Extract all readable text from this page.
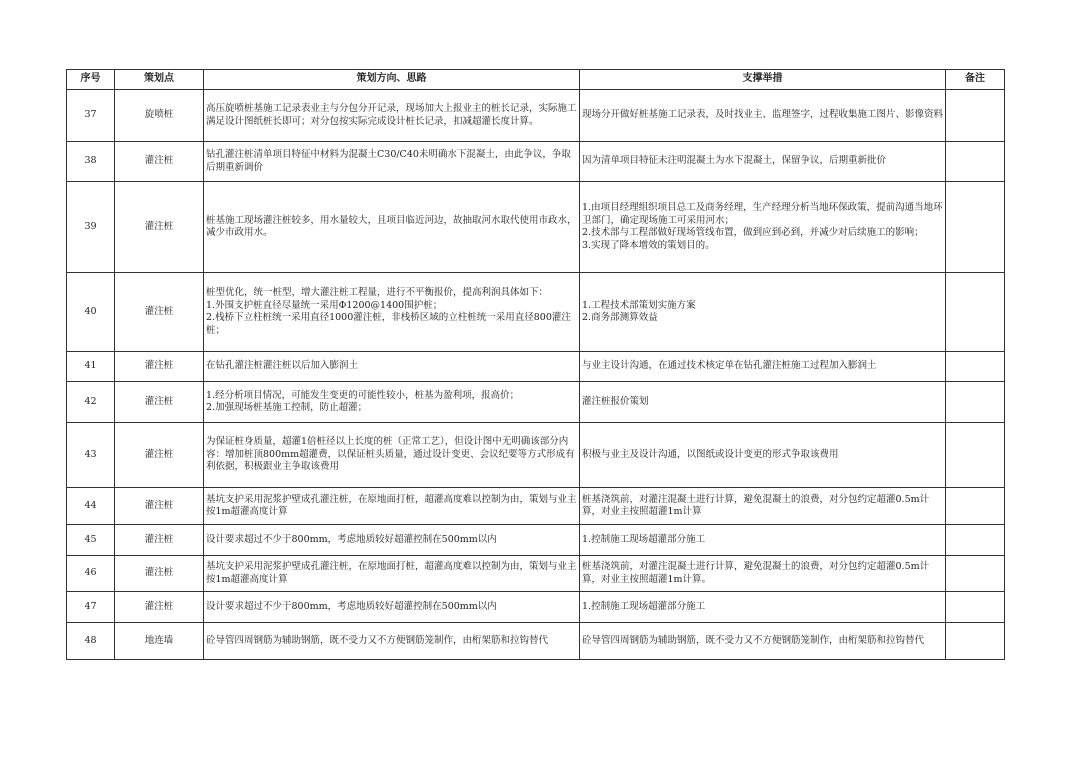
序号	策划点	策划方向、思路	支撑举措	备注
37	旋喷桩	高压旋喷桩基施工记录表业主与分包分开记录，现场加大上报业主的桩长记录，实际施工满足设计图纸桩长即可；对分包按实际完成设计桩长记录，扣减超灌长度计算。	现场分开做好桩基施工记录表，及时找业主、监理签字，过程收集施工图片、影像资料	
38	灌注桩	钻孔灌注桩清单项目特征中材料为混凝土C30/C40未明确水下混凝土，由此争议，争取后期重新调价	因为清单项目特征未注明混凝土为水下混凝土，保留争议，后期重新批价	
39	灌注桩	桩基施工现场灌注桩较多，用水量较大，且项目临近河边，故抽取河水取代使用市政水，减少市政用水。	1.由项目经理组织项目总工及商务经理，生产经理分析当地环保政策，提前沟通当地环卫部门，确定现场施工可采用河水；
2.技术部与工程部做好现场管线布置，做到应到必到，并减少对后续施工的影响；
3.实现了降本增效的策划目的。	
40	灌注桩	桩型优化，统一桩型，增大灌注桩工程量，进行不平衡报价，提高利润具体如下：
1.外围支护桩直径尽量统一采用Φ1200@1400围护桩；
2.栈桥下立柱桩统一采用直径1000灌注桩，非栈桥区域的立柱桩统一采用直径800灌注桩；	1.工程技术部策划实施方案
2.商务部测算效益	
41	灌注桩	在钻孔灌注桩灌注桩以后加入膨润土	与业主设计沟通，在通过技术核定单在钻孔灌注桩施工过程加入膨润土	
42	灌注桩	1.经分析项目情况，可能发生变更的可能性较小，桩基为盈利项，报高价；
2.加强现场桩基施工控制，防止超灌；	灌注桩报价策划	
43	灌注桩	为保证桩身质量，超灌1倍桩径以上长度的桩（正常工艺），但设计图中无明确该部分内容：增加桩顶800mm超灌费，以保证桩头质量，通过设计变更、会议纪要等方式形成有利依据，积极跟业主争取该费用	积极与业主及设计沟通，以图纸或设计变更的形式争取该费用	
44	灌注桩	基坑支护采用泥浆护壁成孔灌注桩，在原地面打桩，超灌高度难以控制为由，策划与业主按1m超灌高度计算	桩基浇筑前，对灌注混凝土进行计算，避免混凝土的浪费，对分包约定超灌0.5m计算，对业主按照超灌1m计算	
45	灌注桩	设计要求超过不少于800mm，考虑地质较好超灌控制在500mm以内	1.控制施工现场超灌部分施工	
46	灌注桩	基坑支护采用泥浆护壁成孔灌注桩，在原地面打桩，超灌高度难以控制为由，策划与业主按1m超灌高度计算	桩基浇筑前，对灌注混凝土进行计算，避免混凝土的浪费，对分包约定超灌0.5m计算，对业主按照超灌1m计算。	
47	灌注桩	设计要求超过不少于800mm，考虑地质较好超灌控制在500mm以内	1.控制施工现场超灌部分施工	
48	地连墙	砼导管四周钢筋为辅助钢筋，既不受力又不方便钢筋笼制作，由桁架筋和拉钩替代	砼导管四周钢筋为辅助钢筋，既不受力又不方便钢筋笼制作，由桁架筋和拉钩替代	
